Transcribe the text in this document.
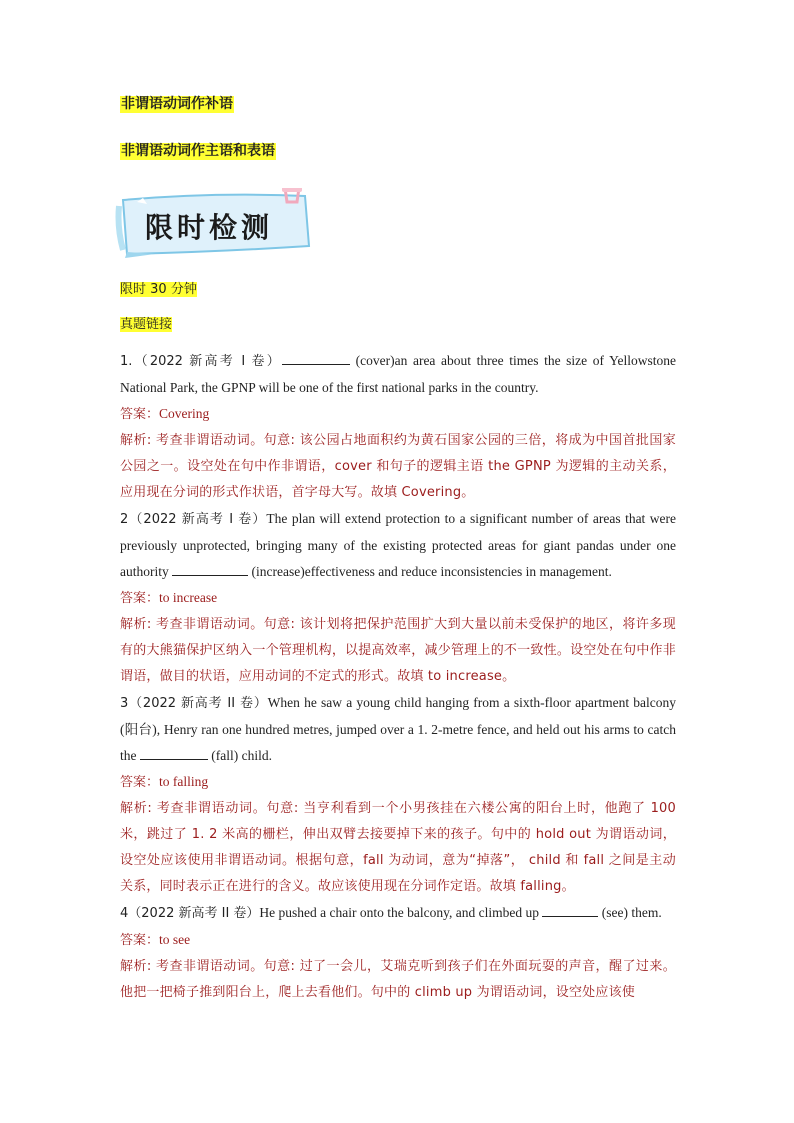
非谓语动词作补语
非谓语动词作主语和表语
限时检测
限时 30 分钟
真题链接

1.（2022 新高考 I 卷）	(cover)an area about three times the size of Yellowstone National Park, the GPNP will be one of the first national parks in the country.

答案：Covering

解析: 考查非谓语动词。句意: 该公园占地面积约为黄石国家公园的三倍，将成为中国首批国家公园之一。设空处在句中作非谓语，cover 和句子的逻辑主语 the GPNP 为逻辑的主动关系，应用现在分词的形式作状语，首字母大写。故填 Covering。

2（2022 新高考 I 卷）The plan will extend protection to a significant number of areas that were previously unprotected, bringing many of the existing protected areas for giant pandas under one authority	(increase)effectiveness and reduce inconsistencies in management.

答案：to increase

解析: 考查非谓语动词。句意: 该计划将把保护范围扩大到大量以前未受保护的地区，将许多现有的大熊猫保护区纳入一个管理机构，以提高效率，减少管理上的不一致性。设空处在句中作非谓语，做目的状语，应用动词的不定式的形式。故填 to increase。

3（2022 新高考 II 卷）When he saw a young child hanging from a sixth-floor apartment balcony (阳台), Henry ran one hundred metres, jumped over a 1. 2-metre fence, and held out his arms to catch the	(fall) child.

答案：to falling

解析: 考查非谓语动词。句意: 当亨利看到一个小男孩挂在六楼公寓的阳台上时，他跑了 100 米，跳过了 1. 2 米高的栅栏，伸出双臂去接要掉下来的孩子。句中的 hold out 为谓语动词，设空处应该使用非谓语动词。根据句意，fall 为动词，意为“掉落”， child 和 fall 之间是主动关系，同时表示正在进行的含义。故应该使用现在分词作定语。故填 falling。

4（2022 新高考 II 卷）He pushed a chair onto the balcony, and climbed up	(see) them.

答案：to see

解析: 考查非谓语动词。句意: 过了一会儿，艾瑞克听到孩子们在外面玩耍的声音，醒了过来。他把一把椅子推到阳台上，爬上去看他们。句中的 climb up 为谓语动词，设空处应该使
